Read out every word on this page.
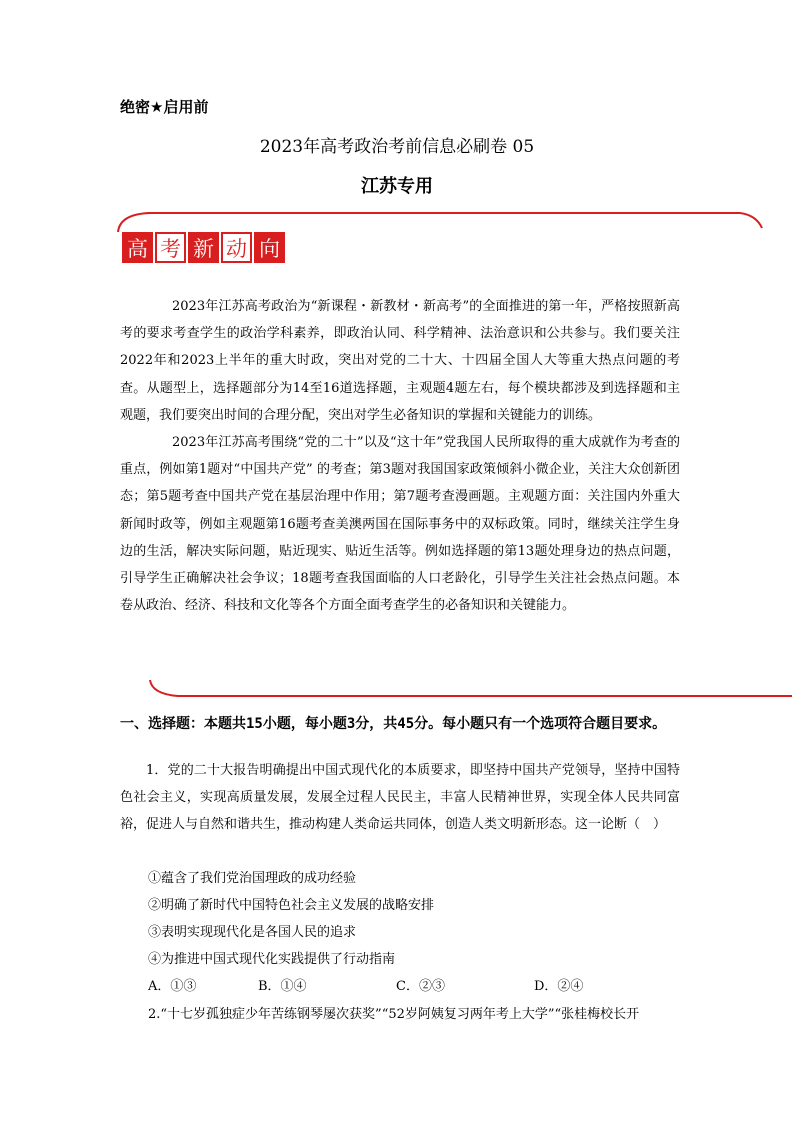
绝密★启用前
2023年高考政治考前信息必刷卷 05
江苏专用
高 考 新 动 向

2023年江苏高考政治为“新课程・新教材・新高考”的全面推进的第一年，严格按照新高考的要求考查学生的政治学科素养，即政治认同、科学精神、法治意识和公共参与。我们要关注2022年和2023上半年的重大时政，突出对党的二十大、十四届全国人大等重大热点问题的考查。从题型上，选择题部分为14至16道选择题，主观题4题左右，每个模块都涉及到选择题和主观题，我们要突出时间的合理分配，突出对学生必备知识的掌握和关键能力的训练。

2023年江苏高考围绕“党的二十”以及“这十年”党我国人民所取得的重大成就作为考查的重点，例如第1题对“中国共产党” 的考查；第3题对我国国家政策倾斜小微企业，关注大众创新团态；第5题考查中国共产党在基层治理中作用；第7题考查漫画题。主观题方面：关注国内外重大新闻时政等，例如主观题第16题考查美澳两国在国际事务中的双标政策。同时，继续关注学生身边的生活，解决实际问题，贴近现实、贴近生活等。例如选择题的第13题处理身边的热点问题，引导学生正确解决社会争议；18题考查我国面临的人口老龄化，引导学生关注社会热点问题。本卷从政治、经济、科技和文化等各个方面全面考查学生的必备知识和关键能力。

一、选择题：本题共15小题，每小题3分，共45分。每小题只有一个选项符合题目要求。

1．党的二十大报告明确提出中国式现代化的本质要求，即坚持中国共产党领导，坚持中国特色社会主义，实现高质量发展，发展全过程人民民主，丰富人民精神世界，实现全体人民共同富裕，促进人与自然和谐共生，推动构建人类命运共同体，创造人类文明新形态。这一论断（　）

①蕴含了我们党治国理政的成功经验
②明确了新时代中国特色社会主义发展的战略安排
③表明实现现代化是各国人民的追求
④为推进中国式现代化实践提供了行动指南
A．①③	B．①④	C．②③	D．②④
2.“十七岁孤独症少年苦练钢琴屡次获奖”“52岁阿姨复习两年考上大学”“张桂梅校长开
